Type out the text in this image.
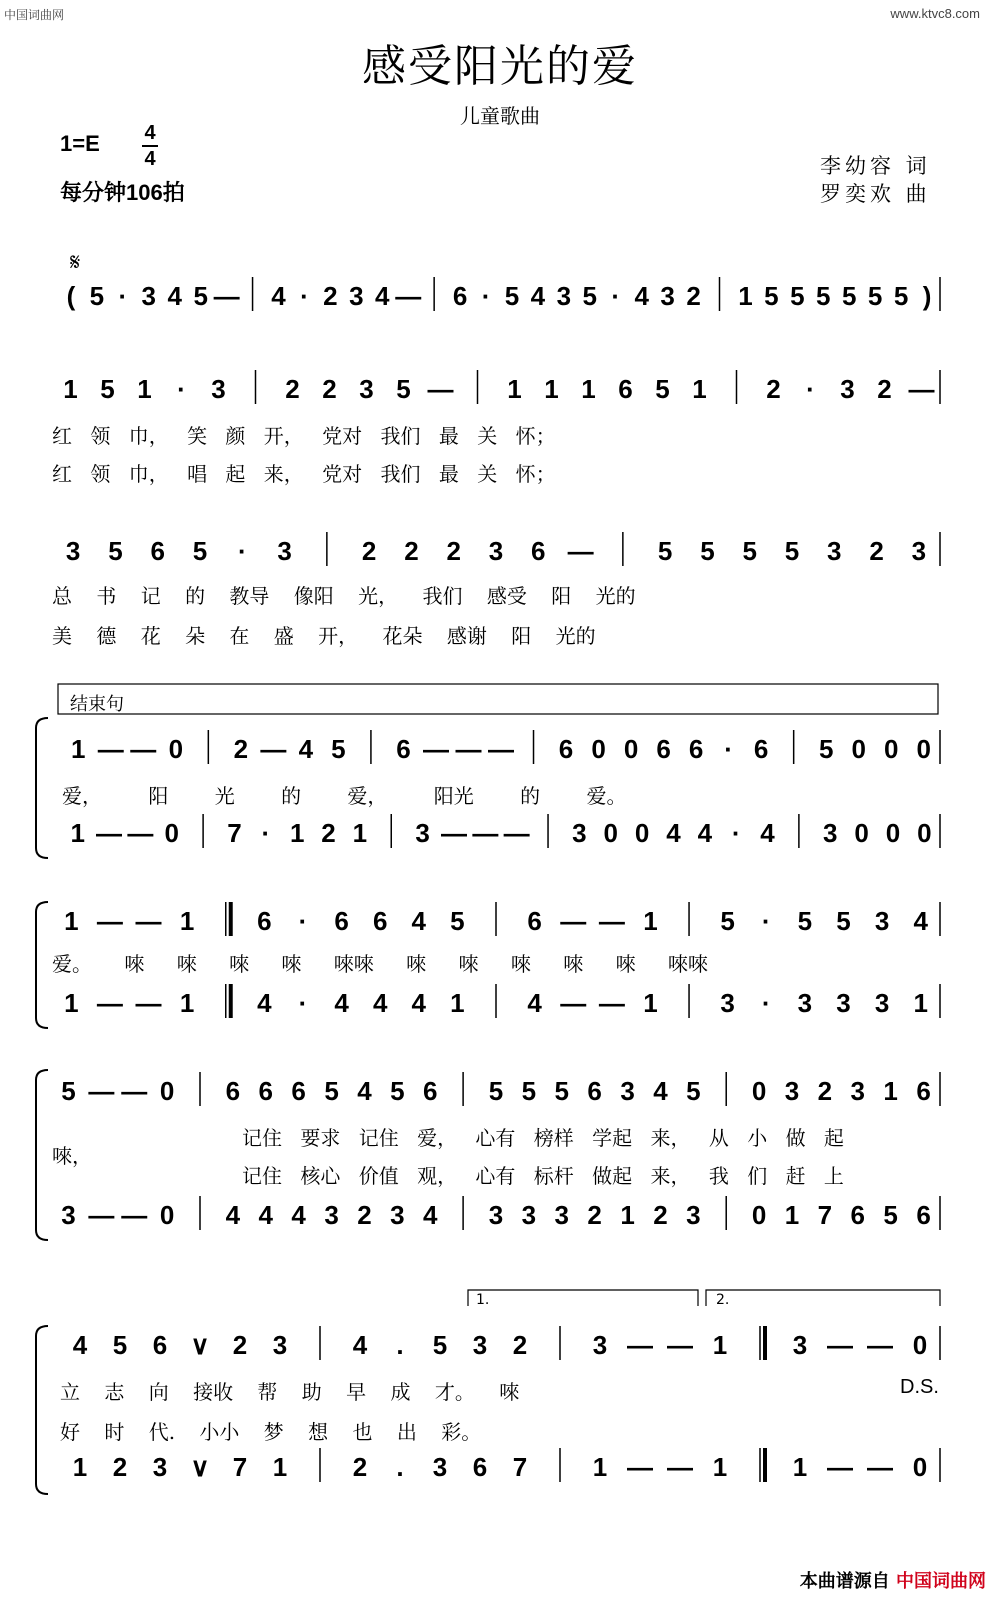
中国词曲网	www.ktvc8.com
感受阳光的爱
儿童歌曲
1=E 4
4
每分钟106拍
李幼容 词
罗奕欢 曲
( 5 · 3 4 5 — 4 · 2 3 4 — 6 · 5 4 3 5 · 4 3 2 1 5 5 5 5 5 5 )
1 5 1 · 3 2 2 3 5 — 1 1 1 6 5 1 2 · 3 2 —
3 5 6 5 · 3	2 2 2 3 6 — 5 5 5 5 3 2 3
1 — — 0 2 — 4 5 6 — — — 6 0 0 6 6 · 6 5 0 0 0
1 — — 0 7 · 1 2 1 3 — — — 3 0 0 4 4 · 4 3 0 0 0
1 — — 1 6 · 6 6 4 5 6 — — 1 5 · 5 5 3 4
1 — — 1 4 · 4 4 4 1 4 — — 1 3 · 3 3 3 1
5 — — 0 6 6 6 5 4 5 6 5 5 5 6 3 4 5 0 3 2 3 1 6
3 — — 0 4 4 4 3 2 3 4 3 3 3 2 1 2 3 0 1 7 6 5 6
4 5 6 ∨ 2 3	4 . 5 3 2	3 — — 1	3 — — 0
1 2 3 ∨ 7 1	2 . 3 6 7	1 — — 1	1 — — 0
红 领 巾， 笑 颜 开， 党对 我们 最 关 怀；
红 领 巾， 唱 起 来， 党对 我们 最 关 怀；
总 书 记 的 教导 像阳 光， 我们 感受 阳 光的
美 德 花 朵 在 盛 开， 花朵 感谢 阳 光的
爱， 阳 光 的 爱， 阳光 的 爱。
爱。 唻 唻 唻 唻 唻唻 唻 唻 唻 唻 唻 唻唻
唻，
记住 要求 记住 爱， 心有 榜样 学起 来， 从 小 做 起
记住 核心 价值 观， 心有 标杆 做起 来， 我 们 赶 上
立 志 向 接收 帮 助 早 成 才。 唻
好 时 代. 小小 梦 想 也 出 彩。
D.S.
结束句
1.	2.
𝄋
本曲谱源自 中国词曲网
